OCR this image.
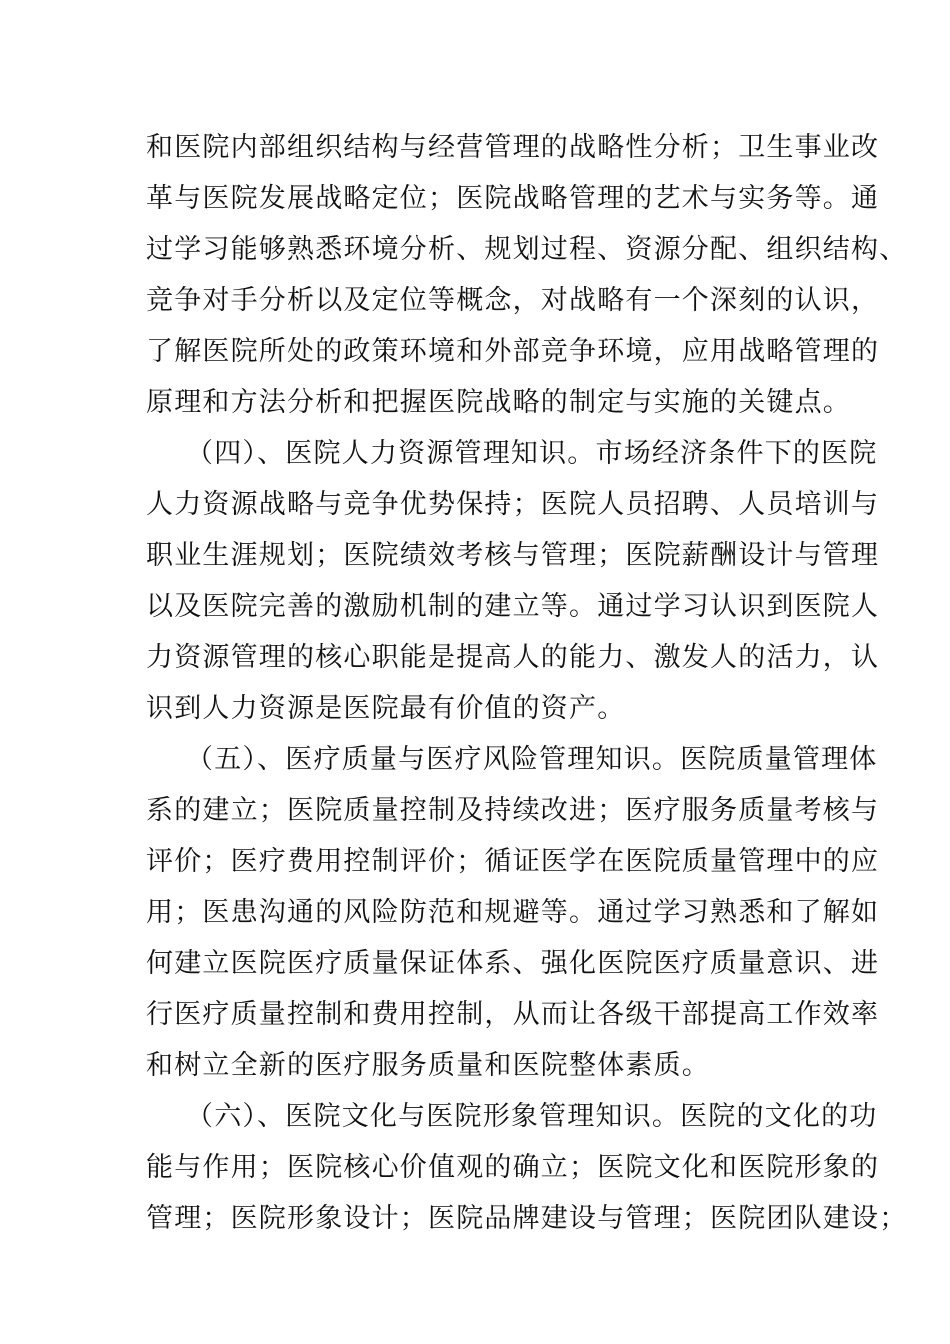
和医院内部组织结构与经营管理的战略性分析；卫生事业改
革与医院发展战略定位；医院战略管理的艺术与实务等。通
过学习能够熟悉环境分析、规划过程、资源分配、组织结构、
竞争对手分析以及定位等概念，对战略有一个深刻的认识，
了解医院所处的政策环境和外部竞争环境，应用战略管理的
原理和方法分析和把握医院战略的制定与实施的关键点。
（四）、医院人力资源管理知识。市场经济条件下的医院
人力资源战略与竞争优势保持；医院人员招聘、人员培训与
职业生涯规划；医院绩效考核与管理；医院薪酬设计与管理
以及医院完善的激励机制的建立等。通过学习认识到医院人
力资源管理的核心职能是提高人的能力、激发人的活力，认
识到人力资源是医院最有价值的资产。
（五）、医疗质量与医疗风险管理知识。医院质量管理体
系的建立；医院质量控制及持续改进；医疗服务质量考核与
评价；医疗费用控制评价；循证医学在医院质量管理中的应
用；医患沟通的风险防范和规避等。通过学习熟悉和了解如
何建立医院医疗质量保证体系、强化医院医疗质量意识、进
行医疗质量控制和费用控制，从而让各级干部提高工作效率
和树立全新的医疗服务质量和医院整体素质。
（六）、医院文化与医院形象管理知识。医院的文化的功
能与作用；医院核心价值观的确立；医院文化和医院形象的
管理；医院形象设计；医院品牌建设与管理；医院团队建设；
